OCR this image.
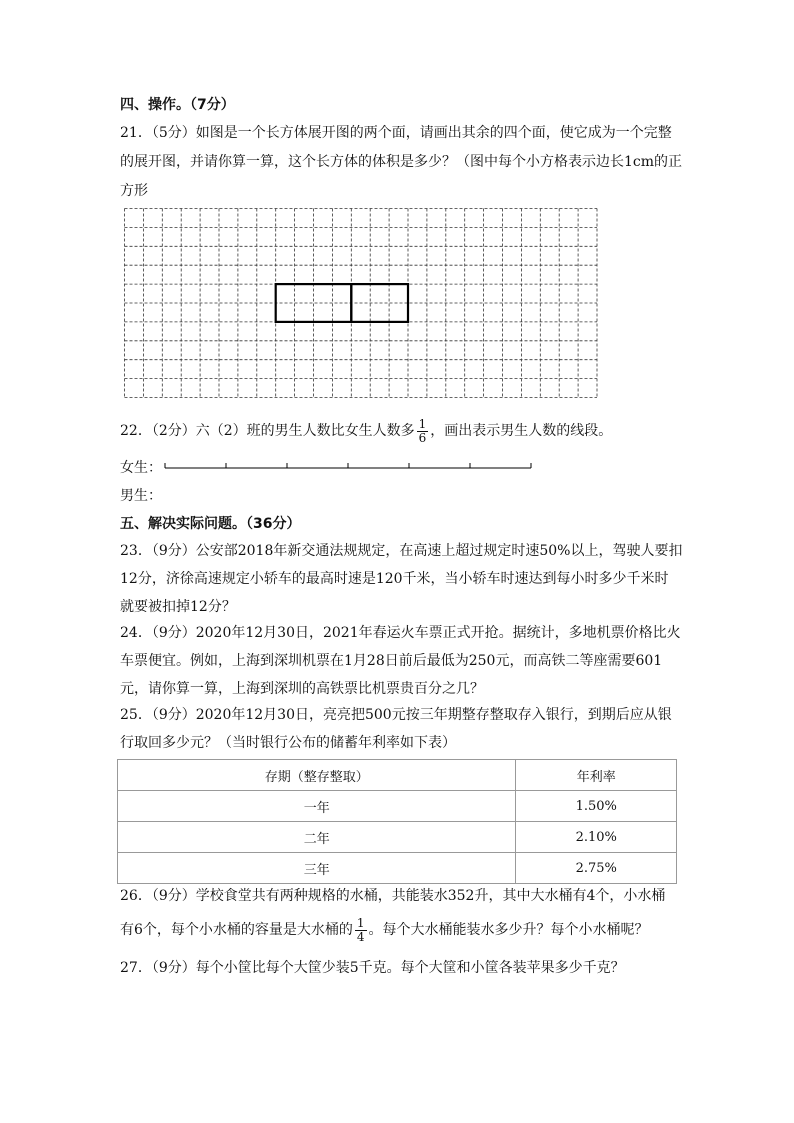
四、操作。（7分）
21．（5分）如图是一个长方体展开图的两个面，请画出其余的四个面，使它成为一个完整
的展开图，并请你算一算，这个长方体的体积是多少？（图中每个小方格表示边长1cm的正
方形
22．（2分）六（2）班的男生人数比女生人数多 $\frac{1}{6}$ ，画出表示男生人数的线段。
女生：
男生：
五、解决实际问题。（36分）
23．（9分）公安部2018年新交通法规规定，在高速上超过规定时速50%以上，驾驶人要扣
12分，济徐高速规定小轿车的最高时速是120千米，当小轿车时速达到每小时多少千米时
就要被扣掉12分？
24．（9分）2020年12月30日，2021年春运火车票正式开抢。据统计，多地机票价格比火
车票便宜。例如，上海到深圳机票在1月28日前后最低为250元，而高铁二等座需要601
元，请你算一算，上海到深圳的高铁票比机票贵百分之几？
25．（9分）2020年12月30日，亮亮把500元按三年期整存整取存入银行，到期后应从银
行取回多少元？（当时银行公布的储蓄年利率如下表）
存期（整存整取）	年利率
一年	1.50%
二年	2.10%
三年	2.75%
26．（9分）学校食堂共有两种规格的水桶，共能装水352升，其中大水桶有4个，小水桶
有6个，每个小水桶的容量是大水桶的 $\frac{1}{4}$ 。每个大水桶能装水多少升？每个小水桶呢？
27．（9分）每个小筐比每个大筐少装5千克。每个大筐和小筐各装苹果多少千克？
